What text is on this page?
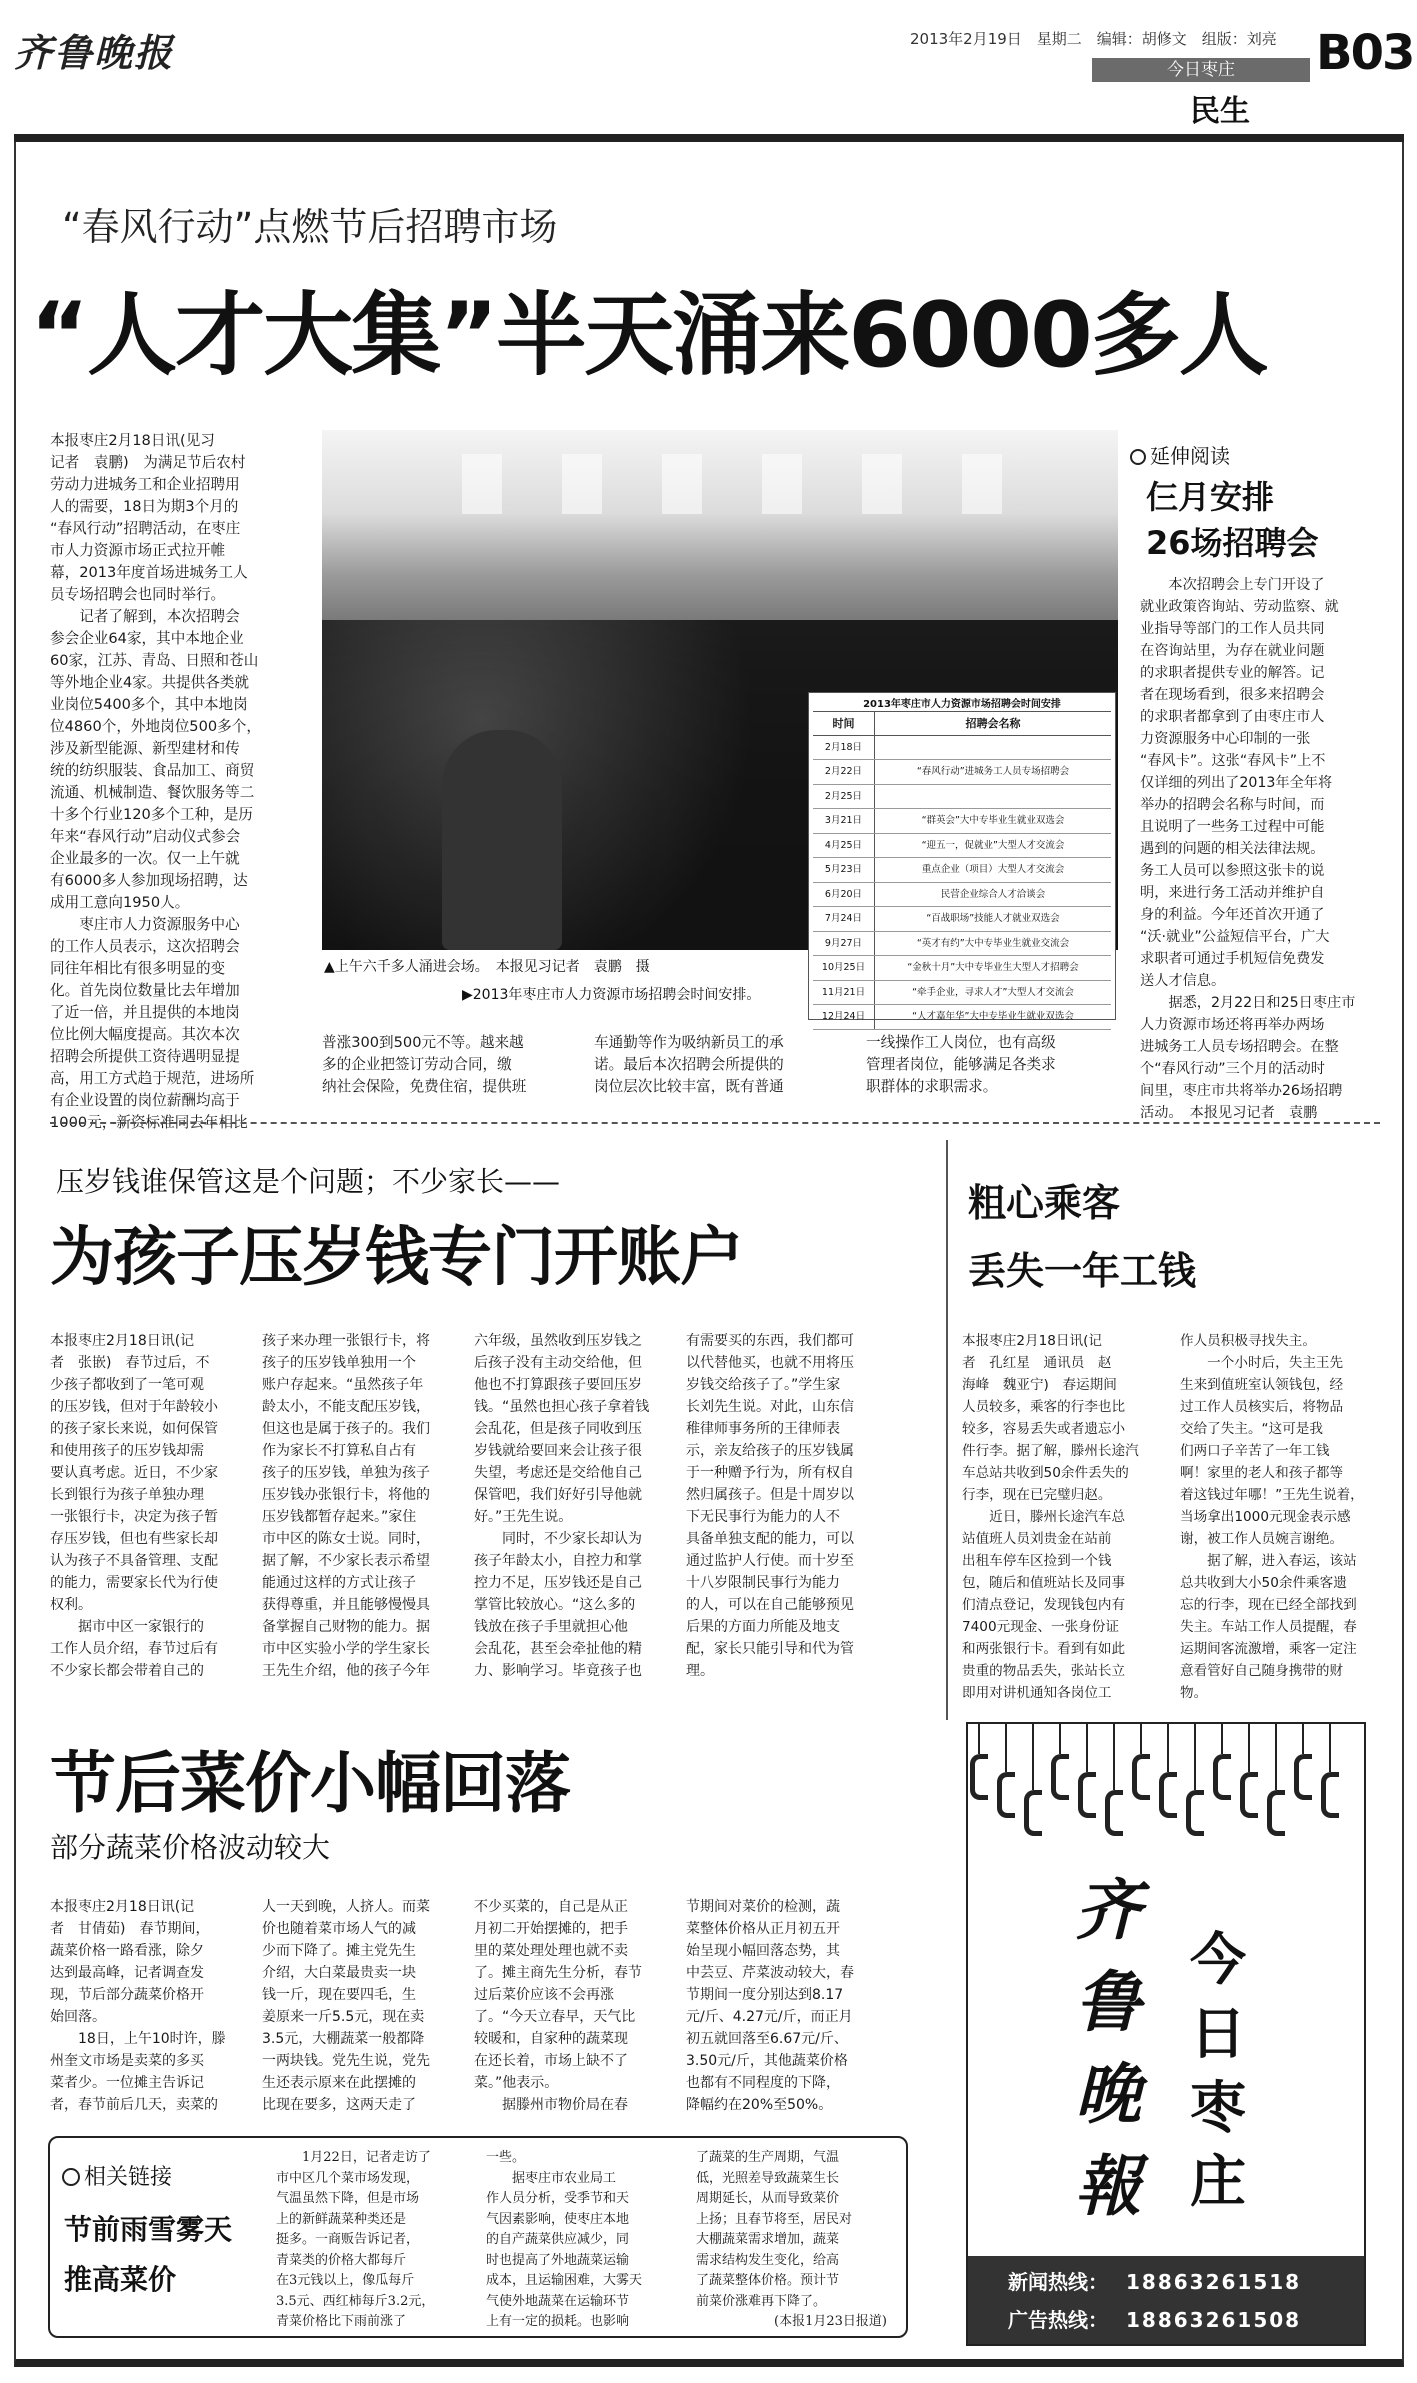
齐鲁晚报	2013年2月19日　星期二　编辑：胡修文　组版：刘亮
今日枣庄
民生
B03
“春风行动”点燃节后招聘市场
“人才大集”半天涌来6000多人
本报枣庄2月18日讯(见习
记者　袁鹏)　为满足节后农村
劳动力进城务工和企业招聘用
人的需要，18日为期3个月的
“春风行动”招聘活动，在枣庄
市人力资源市场正式拉开帷
幕，2013年度首场进城务工人
员专场招聘会也同时举行。
　　记者了解到，本次招聘会
参会企业64家，其中本地企业
60家，江苏、青岛、日照和苍山
等外地企业4家。共提供各类就
业岗位5400多个，其中本地岗
位4860个，外地岗位500多个，
涉及新型能源、新型建材和传
统的纺织服装、食品加工、商贸
流通、机械制造、餐饮服务等二
十多个行业120多个工种，是历
年来“春风行动”启动仪式参会
企业最多的一次。仅一上午就
有6000多人参加现场招聘，达
成用工意向1950人。
　　枣庄市人力资源服务中心
的工作人员表示，这次招聘会
同往年相比有很多明显的变
化。首先岗位数量比去年增加
了近一倍，并且提供的本地岗
位比例大幅度提高。其次本次
招聘会所提供工资待遇明显提
高，用工方式趋于规范，进场所
有企业设置的岗位薪酬均高于
1000元，新资标准同去年相比
2013年枣庄市人力资源市场招聘会时间安排
时间	招聘会名称
2月18日
2月22日	“春风行动”进城务工人员专场招聘会
2月25日
3月21日	“群英会”大中专毕业生就业双选会
4月25日	“迎五一，促就业”大型人才交流会
5月23日	重点企业（项目）大型人才交流会
6月20日	民营企业综合人才洽谈会
7月24日	“百战职场”技能人才就业双选会
9月27日	“英才有约”大中专毕业生就业交流会
10月25日	“金秋十月”大中专毕业生大型人才招聘会
11月21日	“牵手企业，寻求人才”大型人才交流会
12月24日	“人才嘉年华”大中专毕业生就业双选会
▲上午六千多人涌进会场。　本报见习记者　袁鹏　摄
▶2013年枣庄市人力资源市场招聘会时间安排。
普涨300到500元不等。越来越
多的企业把签订劳动合同，缴
纳社会保险，免费住宿，提供班
车通勤等作为吸纳新员工的承
诺。最后本次招聘会所提供的
岗位层次比较丰富，既有普通
一线操作工人岗位，也有高级
管理者岗位，能够满足各类求
职群体的求职需求。
延伸阅读
仨月安排
26场招聘会
　　本次招聘会上专门开设了
就业政策咨询站、劳动监察、就
业指导等部门的工作人员共同
在咨询站里，为存在就业问题
的求职者提供专业的解答。记
者在现场看到，很多来招聘会
的求职者都拿到了由枣庄市人
力资源服务中心印制的一张
“春风卡”。这张“春风卡”上不
仅详细的列出了2013年全年将
举办的招聘会名称与时间，而
且说明了一些务工过程中可能
遇到的问题的相关法律法规。
务工人员可以参照这张卡的说
明，来进行务工活动并维护自
身的利益。今年还首次开通了
“沃·就业”公益短信平台，广大
求职者可通过手机短信免费发
送人才信息。
　　据悉，2月22日和25日枣庄市
人力资源市场还将再举办两场
进城务工人员专场招聘会。在整
个“春风行动”三个月的活动时
间里，枣庄市共将举办26场招聘
活动。　本报见习记者　袁鹏
压岁钱谁保管这是个问题；不少家长——
为孩子压岁钱专门开账户
本报枣庄2月18日讯(记
者　张嵌)　春节过后，不
少孩子都收到了一笔可观
的压岁钱，但对于年龄较小
的孩子家长来说，如何保管
和使用孩子的压岁钱却需
要认真考虑。近日，不少家
长到银行为孩子单独办理
一张银行卡，决定为孩子暂
存压岁钱，但也有些家长却
认为孩子不具备管理、支配
的能力，需要家长代为行使
权利。
　　据市中区一家银行的
工作人员介绍，春节过后有
不少家长都会带着自己的
孩子来办理一张银行卡，将
孩子的压岁钱单独用一个
账户存起来。“虽然孩子年
龄太小，不能支配压岁钱，
但这也是属于孩子的。我们
作为家长不打算私自占有
孩子的压岁钱，单独为孩子
压岁钱办张银行卡，将他的
压岁钱都暂存起来。”家住
市中区的陈女士说。同时，
据了解，不少家长表示希望
能通过这样的方式让孩子
获得尊重，并且能够慢慢具
备掌握自己财物的能力。据
市中区实验小学的学生家长
王先生介绍，他的孩子今年
六年级，虽然收到压岁钱之
后孩子没有主动交给他，但
他也不打算跟孩子要回压岁
钱。“虽然也担心孩子拿着钱
会乱花，但是孩子同收到压
岁钱就给要回来会让孩子很
失望，考虑还是交给他自己
保管吧，我们好好引导他就
好。”王先生说。
　　同时，不少家长却认为
孩子年龄太小，自控力和掌
控力不足，压岁钱还是自己
掌管比较放心。“这么多的
钱放在孩子手里就担心他
会乱花，甚至会牵扯他的精
力、影响学习。毕竟孩子也
有需要买的东西，我们都可
以代替他买，也就不用将压
岁钱交给孩子了。”学生家
长刘先生说。对此，山东信
稚律师事务所的王律师表
示，亲友给孩子的压岁钱属
于一种赠予行为，所有权自
然归属孩子。但是十周岁以
下无民事行为能力的人不
具备单独支配的能力，可以
通过监护人行使。而十岁至
十八岁限制民事行为能力
的人，可以在自己能够预见
后果的方面力所能及地支
配，家长只能引导和代为管
理。
粗心乘客
丢失一年工钱
本报枣庄2月18日讯(记
者　孔红星　通讯员　赵
海峰　魏亚宁)　春运期间
人员较多，乘客的行李也比
较多，容易丢失或者遗忘小
件行李。据了解，滕州长途汽
车总站共收到50余件丢失的
行李，现在已完璧归赵。
　　近日，滕州长途汽车总
站值班人员刘贵金在站前
出租车停车区捡到一个钱
包，随后和值班站长及同事
们清点登记，发现钱包内有
7400元现金、一张身份证
和两张银行卡。看到有如此
贵重的物品丢失，张站长立
即用对讲机通知各岗位工
作人员积极寻找失主。
　　一个小时后，失主王先
生来到值班室认领钱包，经
过工作人员核实后，将物品
交给了失主。“这可是我
们两口子辛苦了一年工钱
啊！家里的老人和孩子都等
着这钱过年哪！”王先生说着，
当场拿出1000元现金表示感
谢，被工作人员婉言谢绝。
　　据了解，进入春运，该站
总共收到大小50余件乘客遗
忘的行李，现在已经全部找到
失主。车站工作人员提醒，春
运期间客流激增，乘客一定注
意看管好自己随身携带的财
物。
节后菜价小幅回落
部分蔬菜价格波动较大
本报枣庄2月18日讯(记
者　甘倩茹)　春节期间，
蔬菜价格一路看涨，除夕
达到最高峰，记者调查发
现，节后部分蔬菜价格开
始回落。
　　18日，上午10时许，滕
州奎文市场是卖菜的多买
菜者少。一位摊主告诉记
者，春节前后几天，卖菜的
人一天到晚，人挤人。而菜
价也随着菜市场人气的减
少而下降了。摊主党先生
介绍，大白菜最贵卖一块
钱一斤，现在要四毛，生
姜原来一斤5.5元，现在卖
3.5元，大棚蔬菜一般都降
一两块钱。党先生说，党先
生还表示原来在此摆摊的
比现在要多，这两天走了
不少买菜的，自己是从正
月初二开始摆摊的，把手
里的菜处理处理也就不卖
了。摊主商先生分析，春节
过后菜价应该不会再涨
了。“今天立春早，天气比
较暖和，自家种的蔬菜现
在还长着，市场上缺不了
菜。”他表示。
　　据滕州市物价局在春
节期间对菜价的检测，蔬
菜整体价格从正月初五开
始呈现小幅回落态势，其
中芸豆、芹菜波动较大，春
节期间一度分别达到8.17
元/斤、4.27元/斤，而正月
初五就回落至6.67元/斤、
3.50元/斤，其他蔬菜价格
也都有不同程度的下降，
降幅约在20%至50%。
相关链接
节前雨雪雾天
推高菜价
　　1月22日，记者走访了
市中区几个菜市场发现，
气温虽然下降，但是市场
上的新鲜蔬菜种类还是
挺多。一商贩告诉记者，
青菜类的价格大都每斤
在3元钱以上，像瓜每斤
3.5元、西红柿每斤3.2元，
青菜价格比下雨前涨了
一些。
　　据枣庄市农业局工
作人员分析，受季节和天
气因素影响，使枣庄本地
的自产蔬菜供应减少，同
时也提高了外地蔬菜运输
成本，且运输困难，大雾天
气使外地蔬菜在运输环节
上有一定的损耗。也影响
了蔬菜的生产周期，气温
低，光照差导致蔬菜生长
周期延长，从而导致菜价
上扬；且春节将至，居民对
大棚蔬菜需求增加，蔬菜
需求结构发生变化，给高
了蔬菜整体价格。预计节
前菜价涨难再下降了。
　　　　　　(本报1月23日报道)
齐
鲁
晚
報
今
日
枣
庄
新闻热线： 18863261518
广告热线： 18863261508
